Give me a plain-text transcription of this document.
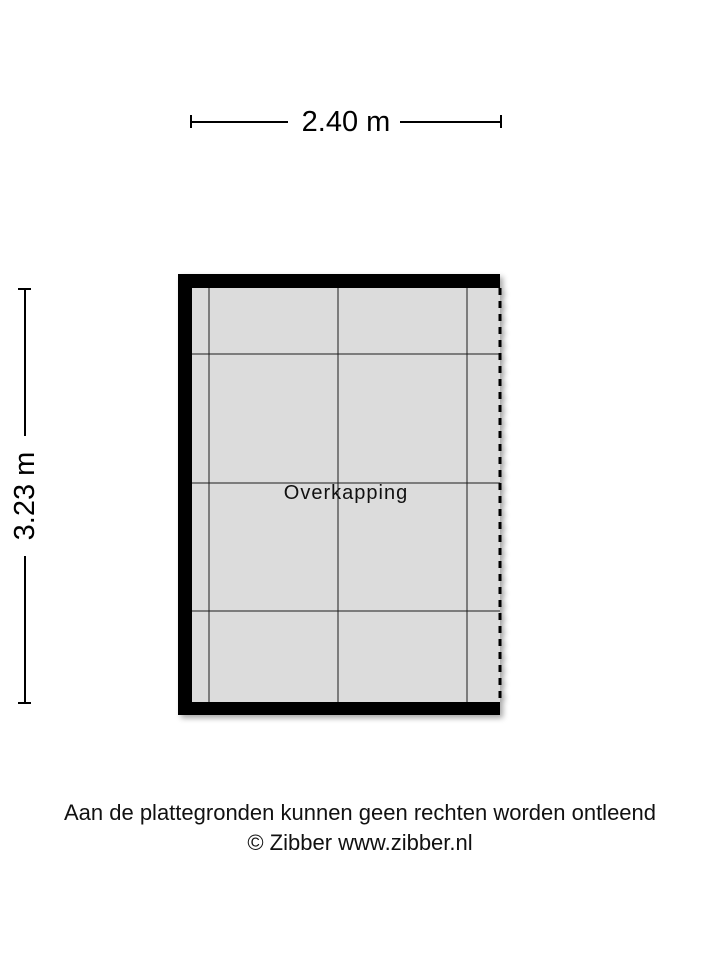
2.40 m
3.23 m	Overkapping
Aan de plattegronden kunnen geen rechten worden ontleend
© Zibber www.zibber.nl
